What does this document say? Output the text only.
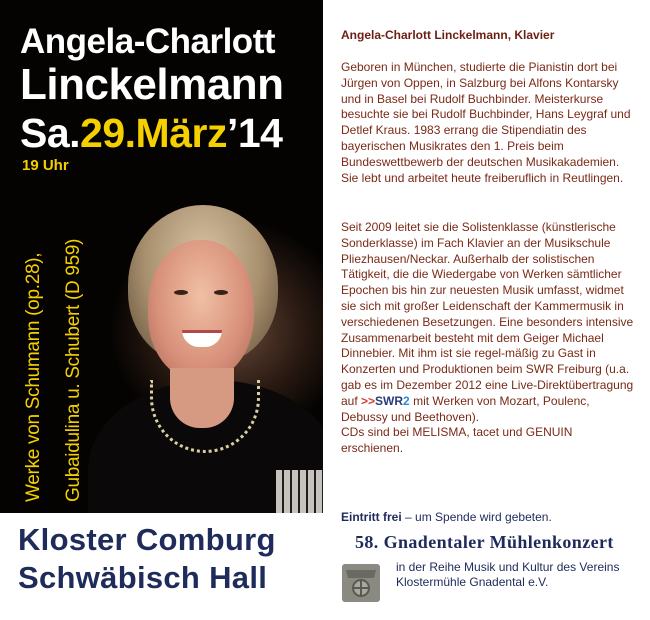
Angela-Charlott
Linckelmann
Sa.29.März’14
19 Uhr
Werke von Schumann (op.28), Gubaidulina u. Schubert (D 959)
Kloster Comburg
Schwäbisch Hall
Angela-Charlott Linckelmann, Klavier
Geboren in München, studierte die Pianistin dort bei Jürgen von Oppen, in Salzburg bei Alfons Kontarsky und in Basel bei Rudolf Buchbinder. Meisterkurse besuchte sie bei Rudolf Buchbinder, Hans Leygraf und Detlef Kraus. 1983 errang die Stipendiatin des bayerischen Musikrates den 1. Preis beim Bundeswettbewerb der deutschen Musikakademien. Sie lebt und arbeitet heute freiberuflich in Reutlingen.
Seit 2009 leitet sie die Solistenklasse (künstlerische Sonderklasse) im Fach Klavier an der Musikschule Pliezhausen/Neckar. Außerhalb der solistischen Tätigkeit, die die Wiedergabe von Werken sämtlicher Epochen bis hin zur neuesten Musik umfasst, widmet sie sich mit großer Leidenschaft der Kammermusik in verschiedenen Besetzungen. Eine besonders intensive Zusammenarbeit besteht mit dem Geiger Michael Dinnebier. Mit ihm ist sie regel-mäßig zu Gast in Konzerten und Produktionen beim SWR Freiburg (u.a. gab es im Dezember 2012 eine Live-Direktübertragung auf >>SWR2 mit Werken von Mozart, Poulenc, Debussy und Beethoven).
CDs sind bei MELISMA, tacet und GENUIN erschienen.
Eintritt frei – um Spende wird gebeten.
58. Gnadentaler Mühlenkonzert
in der Reihe Musik und Kultur des Vereins Klostermühle Gnadental e.V.
